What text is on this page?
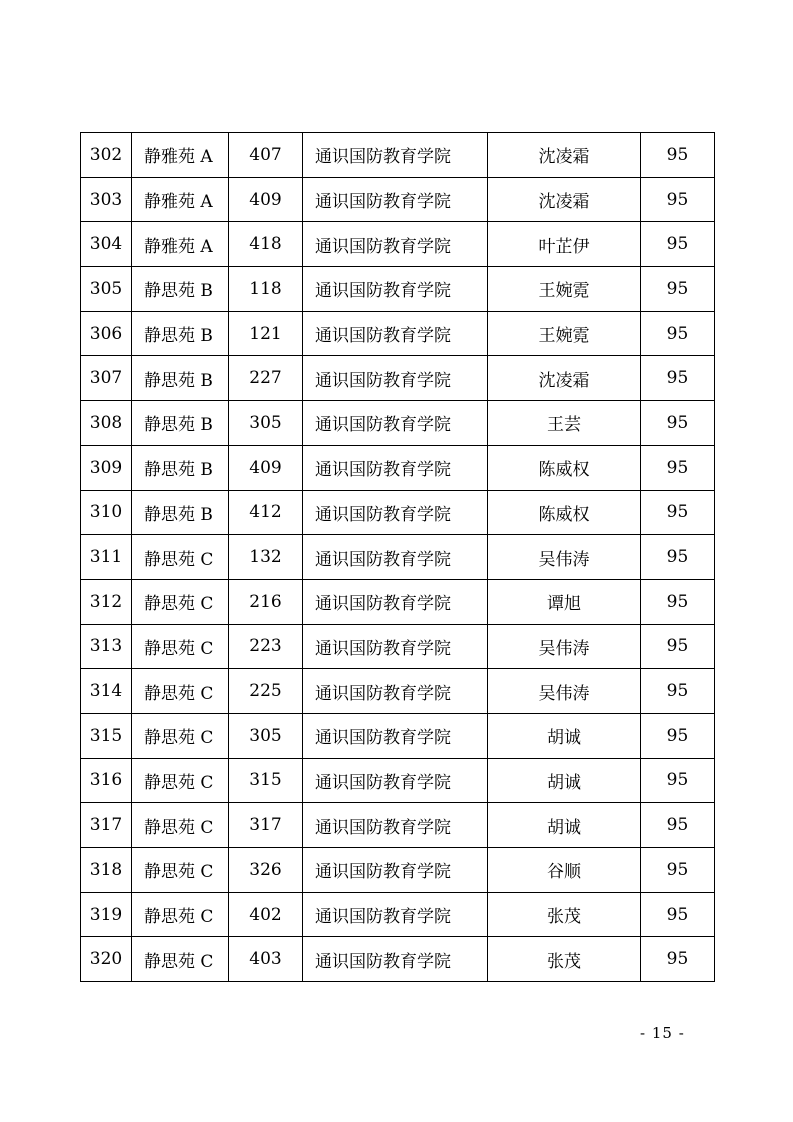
302	静雅苑 A	407	通识国防教育学院	沈凌霜	95
303	静雅苑 A	409	通识国防教育学院	沈凌霜	95
304	静雅苑 A	418	通识国防教育学院	叶芷伊	95
305	静思苑 B	118	通识国防教育学院	王婉霓	95
306	静思苑 B	121	通识国防教育学院	王婉霓	95
307	静思苑 B	227	通识国防教育学院	沈凌霜	95
308	静思苑 B	305	通识国防教育学院	王芸	95
309	静思苑 B	409	通识国防教育学院	陈威权	95
310	静思苑 B	412	通识国防教育学院	陈威权	95
311	静思苑 C	132	通识国防教育学院	吴伟涛	95
312	静思苑 C	216	通识国防教育学院	谭旭	95
313	静思苑 C	223	通识国防教育学院	吴伟涛	95
314	静思苑 C	225	通识国防教育学院	吴伟涛	95
315	静思苑 C	305	通识国防教育学院	胡诚	95
316	静思苑 C	315	通识国防教育学院	胡诚	95
317	静思苑 C	317	通识国防教育学院	胡诚	95
318	静思苑 C	326	通识国防教育学院	谷顺	95
319	静思苑 C	402	通识国防教育学院	张茂	95
320	静思苑 C	403	通识国防教育学院	张茂	95
- 15 -
